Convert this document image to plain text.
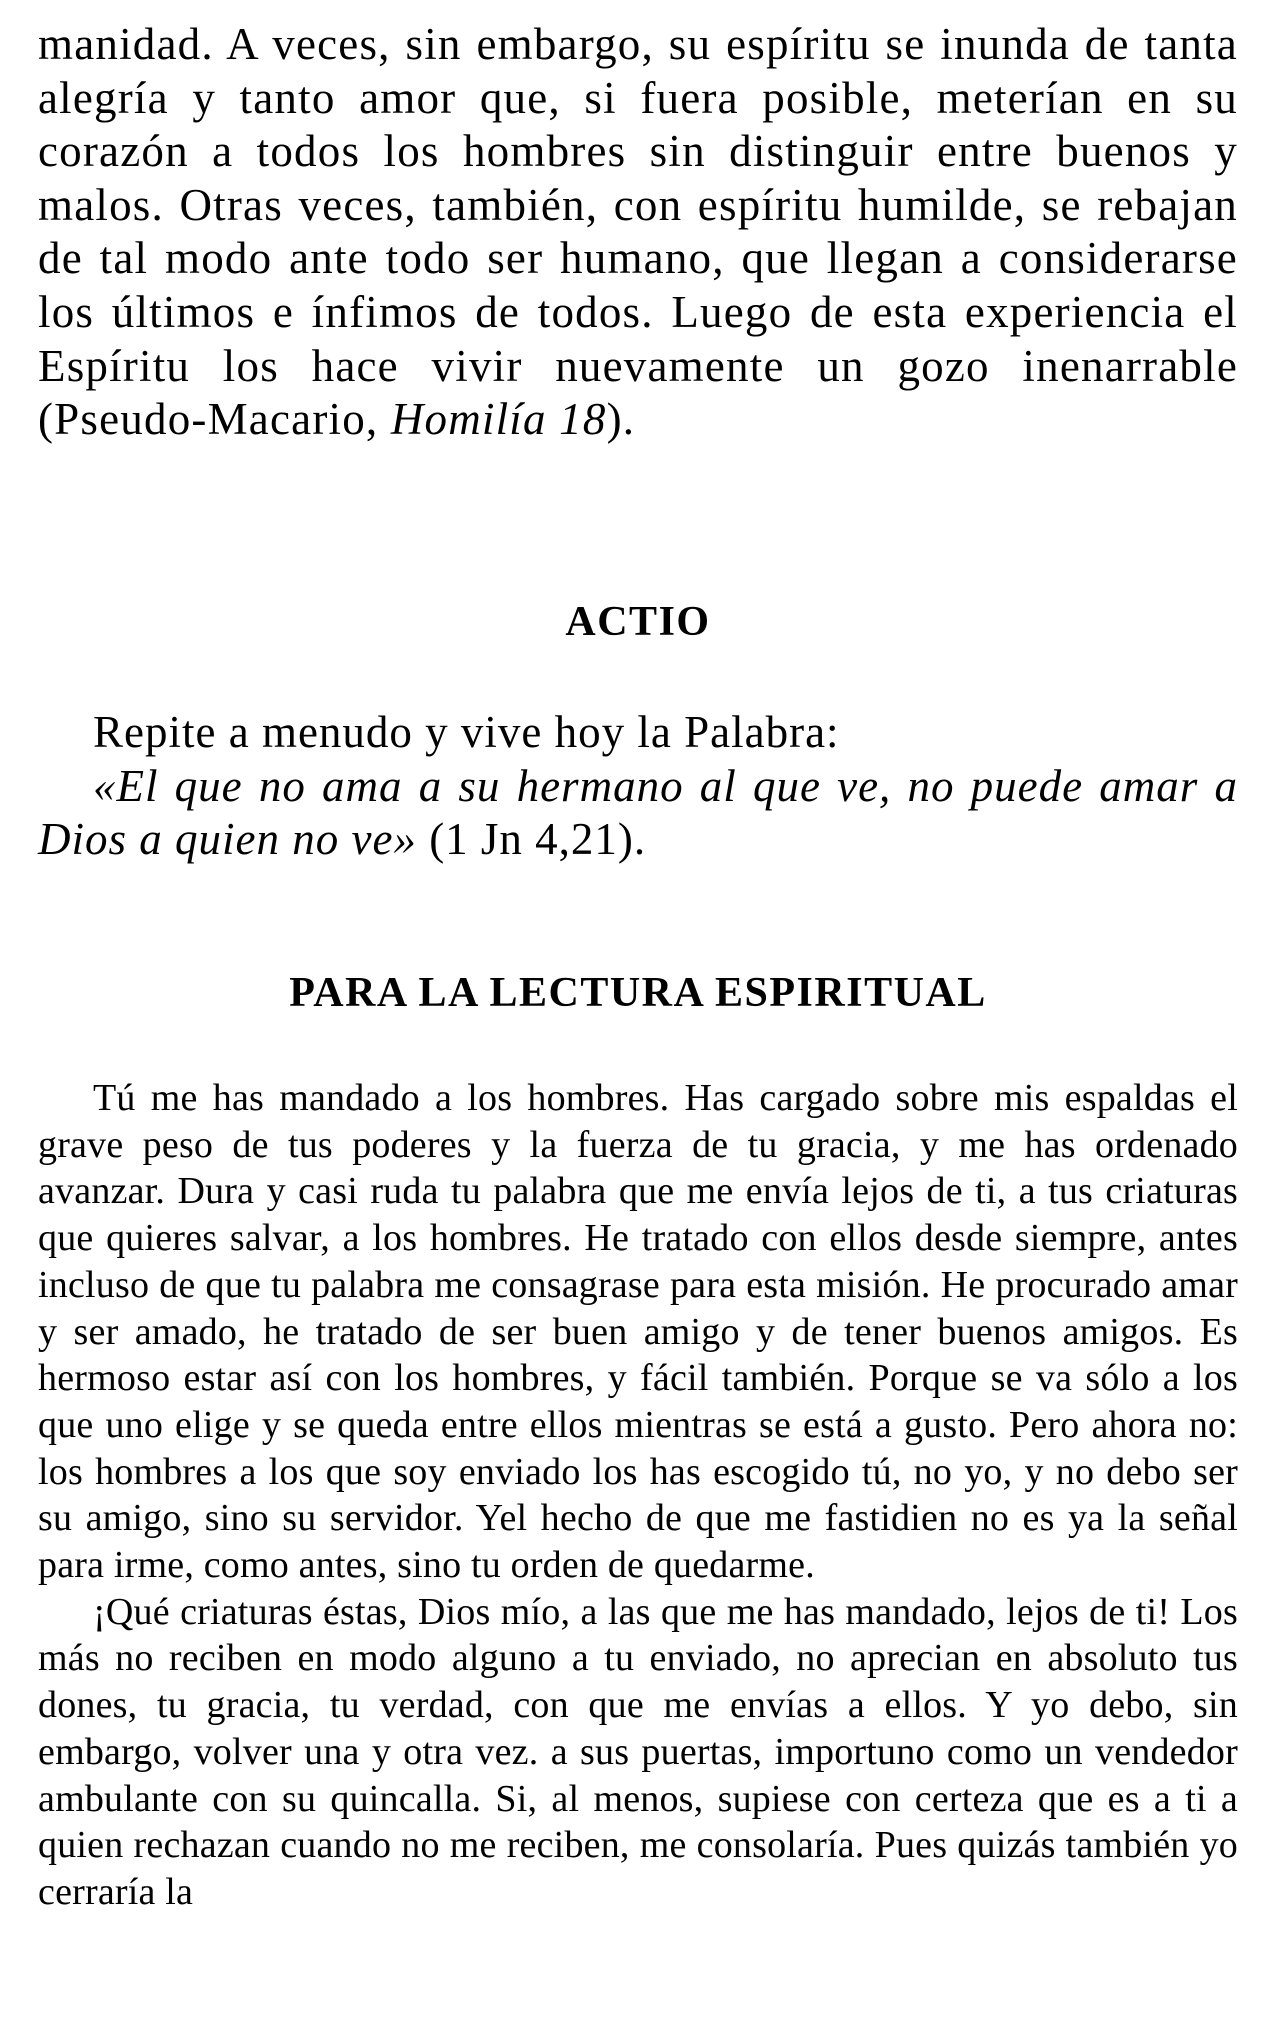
manidad. A veces, sin embargo, su espíritu se inunda de tanta alegría y tanto amor que, si fuera posible, meterían en su corazón a todos los hombres sin distinguir entre buenos y malos. Otras veces, también, con espíritu humilde, se rebajan de tal modo ante todo ser humano, que llegan a considerarse los últimos e ínfimos de todos. Luego de esta experiencia el Espíritu los hace vivir nuevamente un gozo inenarrable (Pseudo-Macario, Homilía 18).

ACTIO

Repite a menudo y vive hoy la Palabra:

«El que no ama a su hermano al que ve, no puede amar a Dios a quien no ve» (1 Jn 4,21).

PARA LA LECTURA ESPIRITUAL

Tú me has mandado a los hombres. Has cargado sobre mis espaldas el grave peso de tus poderes y la fuerza de tu gracia, y me has ordenado avanzar. Dura y casi ruda tu palabra que me envía lejos de ti, a tus criaturas que quieres salvar, a los hombres. He tratado con ellos desde siempre, antes incluso de que tu palabra me consagrase para esta misión. He procurado amar y ser amado, he tratado de ser buen amigo y de tener buenos amigos. Es hermoso estar así con los hombres, y fácil también. Porque se va sólo a los que uno elige y se queda entre ellos mientras se está a gusto. Pero ahora no: los hombres a los que soy enviado los has escogido tú, no yo, y no debo ser su amigo, sino su servidor. Yel hecho de que me fastidien no es ya la señal para irme, como antes, sino tu orden de quedarme.

¡Qué criaturas éstas, Dios mío, a las que me has mandado, lejos de ti! Los más no reciben en modo alguno a tu enviado, no aprecian en absoluto tus dones, tu gracia, tu verdad, con que me envías a ellos. Y yo debo, sin embargo, volver una y otra vez. a sus puertas, importuno como un vendedor ambulante con su quincalla. Si, al menos, supiese con certeza que es a ti a quien rechazan cuando no me reciben, me consolaría. Pues quizás también yo cerraría la
